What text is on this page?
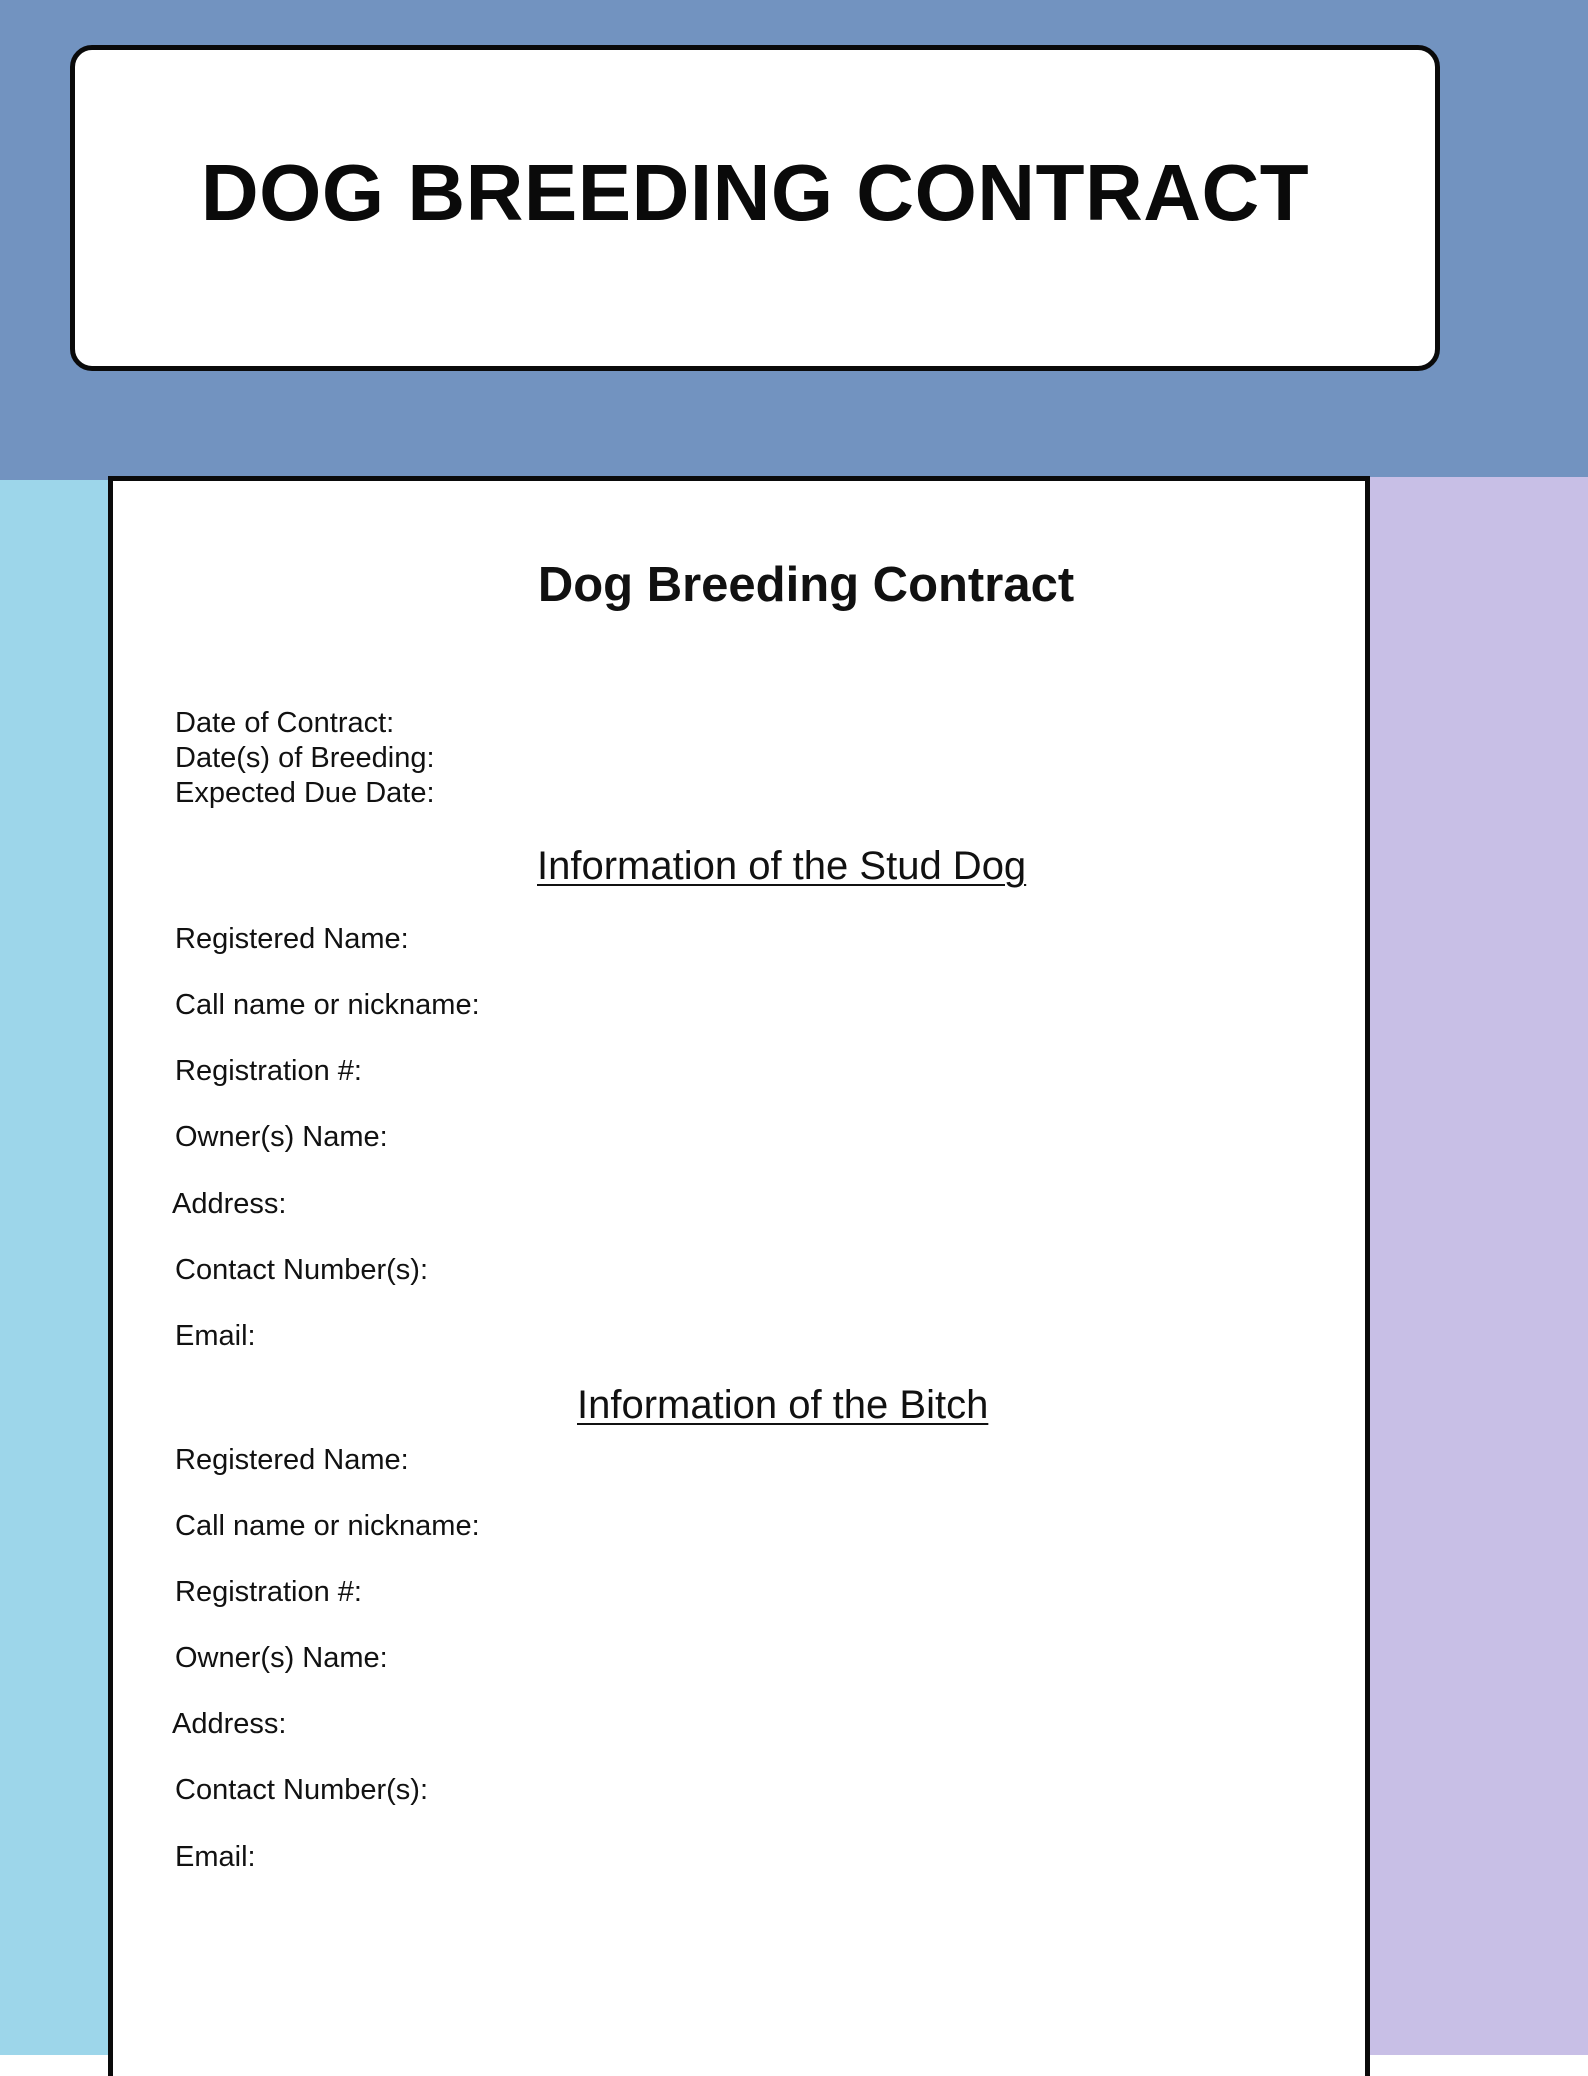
DOG BREEDING CONTRACT
Dog Breeding Contract
Date of Contract:
Date(s) of Breeding:
Expected Due Date:
Information of the Stud Dog
Registered Name:
Call name or nickname:
Registration #:
Owner(s) Name:
Address:
Contact Number(s):
Email:
Information of the Bitch
Registered Name:
Call name or nickname:
Registration #:
Owner(s) Name:
Address:
Contact Number(s):
Email:
